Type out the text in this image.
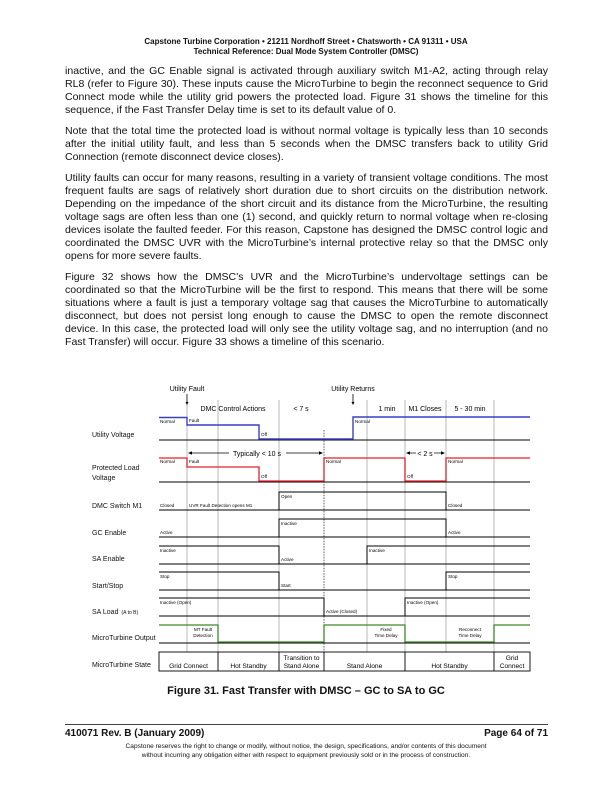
Capstone Turbine Corporation • 21211 Nordhoff Street • Chatsworth • CA 91311 • USA
Technical Reference: Dual Mode System Controller (DMSC)

inactive, and the GC Enable signal is activated through auxiliary switch M1-A2, acting through relay RL8 (refer to Figure 30). These inputs cause the MicroTurbine to begin the reconnect sequence to Grid Connect mode while the utility grid powers the protected load. Figure 31 shows the timeline for this sequence, if the Fast Transfer Delay time is set to its default value of 0.

Note that the total time the protected load is without normal voltage is typically less than 10 seconds after the initial utility fault, and less than 5 seconds when the DMSC transfers back to utility Grid Connection (remote disconnect device closes).

Utility faults can occur for many reasons, resulting in a variety of transient voltage conditions. The most frequent faults are sags of relatively short duration due to short circuits on the distribution network. Depending on the impedance of the short circuit and its distance from the MicroTurbine, the resulting voltage sags are often less than one (1) second, and quickly return to normal voltage when re-closing devices isolate the faulted feeder. For this reason, Capstone has designed the DMSC control logic and coordinated the DMSC UVR with the MicroTurbine’s internal protective relay so that the DMSC only opens for more severe faults.

Figure 32 shows how the DMSC’s UVR and the MicroTurbine’s undervoltage settings can be coordinated so that the MicroTurbine will be the first to respond. This means that there will be some situations where a fault is just a temporary voltage sag that causes the MicroTurbine to automatically disconnect, but does not persist long enough to cause the DMSC to open the remote disconnect device. In this case, the protected load will only see the utility voltage sag, and no interruption (and no Fast Transfer) will occur. Figure 33 shows a timeline of this scenario.

Utility Fault	Utility Returns
DMC Control Actions	< 7 s	1 min M1 Closes 5 - 30 min
Utility Voltage
Protected Load
Voltage
DMC Switch M1
GC Enable
SA Enable
Start/Stop
SA Load (A to B)
MicroTurbine Output
MicroTurbine State
Normal	Fault
Off
Normal
Typically < 10 s	< 2 s
Normal	Fault
Off
Normal
Off
Normal
Closed	UVR Fault Detection opens M1
Open
Closed
Active
Inactive
Active
Inactive
Active
Inactive
Stop
Start
Stop
Inactive (Open)
Active (Closed)
Inactive (Open)
MT Fault
Detection
Fixed
Time Delay
Reconnect
Time Delay
Grid Connect	Hot Standby
Transition to
Stand Alone	Stand Alone	Hot Standby
Grid
Connect
Figure 31. Fast Transfer with DMSC – GC to SA to GC
410071 Rev. B (January 2009)	Page 64 of 71
Capstone reserves the right to change or modify, without notice, the design, specifications, and/or contents of this document
without incurring any obligation either with respect to equipment previously sold or in the process of construction.
